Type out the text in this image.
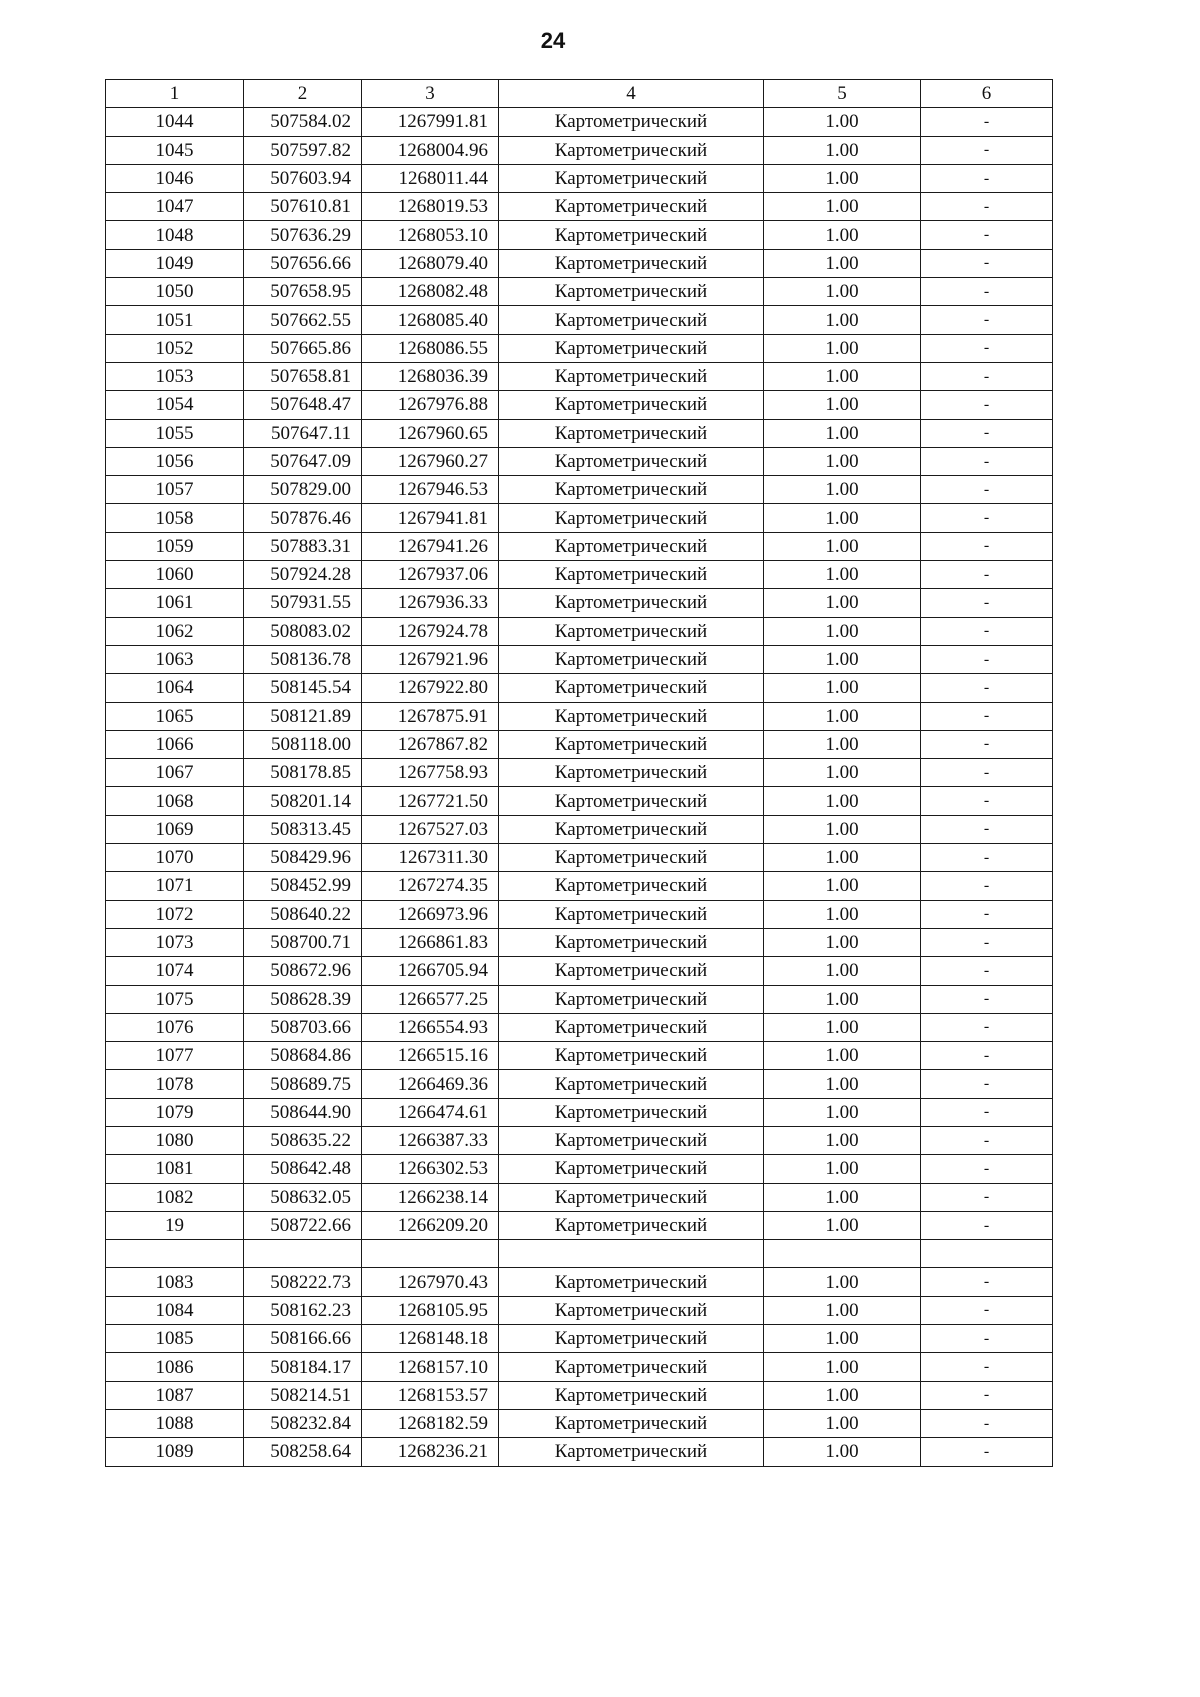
24
1	2	3	4	5	6
1044	507584.02	1267991.81	Картометрический	1.00	-
1045	507597.82	1268004.96	Картометрический	1.00	-
1046	507603.94	1268011.44	Картометрический	1.00	-
1047	507610.81	1268019.53	Картометрический	1.00	-
1048	507636.29	1268053.10	Картометрический	1.00	-
1049	507656.66	1268079.40	Картометрический	1.00	-
1050	507658.95	1268082.48	Картометрический	1.00	-
1051	507662.55	1268085.40	Картометрический	1.00	-
1052	507665.86	1268086.55	Картометрический	1.00	-
1053	507658.81	1268036.39	Картометрический	1.00	-
1054	507648.47	1267976.88	Картометрический	1.00	-
1055	507647.11	1267960.65	Картометрический	1.00	-
1056	507647.09	1267960.27	Картометрический	1.00	-
1057	507829.00	1267946.53	Картометрический	1.00	-
1058	507876.46	1267941.81	Картометрический	1.00	-
1059	507883.31	1267941.26	Картометрический	1.00	-
1060	507924.28	1267937.06	Картометрический	1.00	-
1061	507931.55	1267936.33	Картометрический	1.00	-
1062	508083.02	1267924.78	Картометрический	1.00	-
1063	508136.78	1267921.96	Картометрический	1.00	-
1064	508145.54	1267922.80	Картометрический	1.00	-
1065	508121.89	1267875.91	Картометрический	1.00	-
1066	508118.00	1267867.82	Картометрический	1.00	-
1067	508178.85	1267758.93	Картометрический	1.00	-
1068	508201.14	1267721.50	Картометрический	1.00	-
1069	508313.45	1267527.03	Картометрический	1.00	-
1070	508429.96	1267311.30	Картометрический	1.00	-
1071	508452.99	1267274.35	Картометрический	1.00	-
1072	508640.22	1266973.96	Картометрический	1.00	-
1073	508700.71	1266861.83	Картометрический	1.00	-
1074	508672.96	1266705.94	Картометрический	1.00	-
1075	508628.39	1266577.25	Картометрический	1.00	-
1076	508703.66	1266554.93	Картометрический	1.00	-
1077	508684.86	1266515.16	Картометрический	1.00	-
1078	508689.75	1266469.36	Картометрический	1.00	-
1079	508644.90	1266474.61	Картометрический	1.00	-
1080	508635.22	1266387.33	Картометрический	1.00	-
1081	508642.48	1266302.53	Картометрический	1.00	-
1082	508632.05	1266238.14	Картометрический	1.00	-
19	508722.66	1266209.20	Картометрический	1.00	-

1083	508222.73	1267970.43	Картометрический	1.00	-
1084	508162.23	1268105.95	Картометрический	1.00	-
1085	508166.66	1268148.18	Картометрический	1.00	-
1086	508184.17	1268157.10	Картометрический	1.00	-
1087	508214.51	1268153.57	Картометрический	1.00	-
1088	508232.84	1268182.59	Картометрический	1.00	-
1089	508258.64	1268236.21	Картометрический	1.00	-
